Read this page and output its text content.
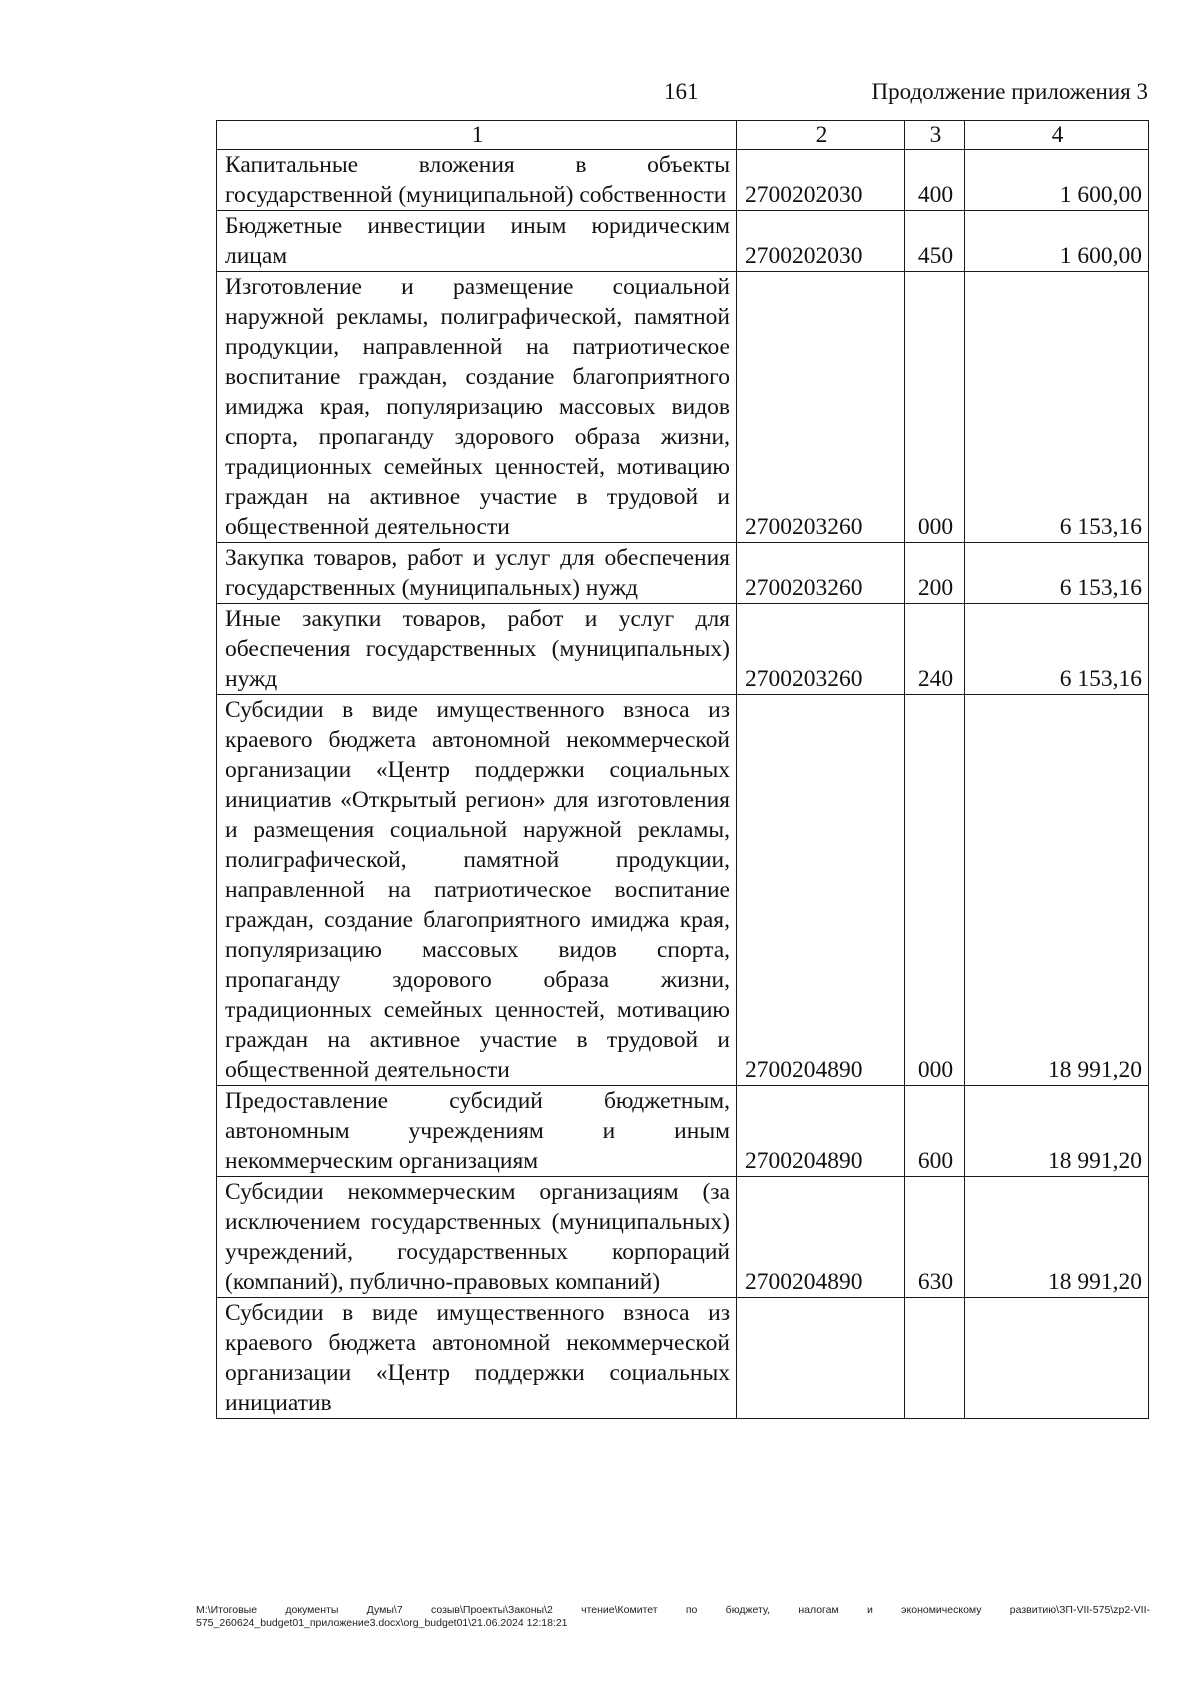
161	Продолжение приложения 3
1	2	3	4
Капитальные вложения в объекты государственной (муниципальной) собственности	2700202030	400	1 600,00
Бюджетные инвестиции иным юридическим лицам	2700202030	450	1 600,00
Изготовление и размещение социальной наружной рекламы, полиграфической, памятной продукции, направленной на патриотическое воспитание граждан, создание благоприятного имиджа края, популяризацию массовых видов спорта, пропаганду здорового образа жизни, традиционных семейных ценностей, мотивацию граждан на активное участие в трудовой и общественной деятельности	2700203260	000	6 153,16
Закупка товаров, работ и услуг для обеспечения государственных (муниципальных) нужд	2700203260	200	6 153,16
Иные закупки товаров, работ и услуг для обеспечения государственных (муниципальных) нужд	2700203260	240	6 153,16
Субсидии в виде имущественного взноса из краевого бюджета автономной некоммерческой организации «Центр поддержки социальных инициатив «Открытый регион» для изготовления и размещения социальной наружной рекламы, полиграфической, памятной продукции, направленной на патриотическое воспитание граждан, создание благоприятного имиджа края, популяризацию массовых видов спорта, пропаганду здорового образа жизни, традиционных семейных ценностей, мотивацию граждан на активное участие в трудовой и общественной деятельности	2700204890	000	18 991,20
Предоставление субсидий бюджетным, автономным учреждениям и иным некоммерческим организациям	2700204890	600	18 991,20
Субсидии некоммерческим организациям (за исключением государственных (муниципальных) учреждений, государственных корпораций (компаний), публично-правовых компаний)	2700204890	630	18 991,20
Субсидии в виде имущественного взноса из краевого бюджета автономной некоммерческой организации «Центр поддержки социальных инициатив			
M:\Итоговые документы Думы\7 созыв\Проекты\Законы\2 чтение\Комитет по бюджету, налогам и экономическому развитию\ЗП-VII-575\zp2-VII-575_260624_budget01_приложение3.docx\org_budget01\21.06.2024 12:18:21
